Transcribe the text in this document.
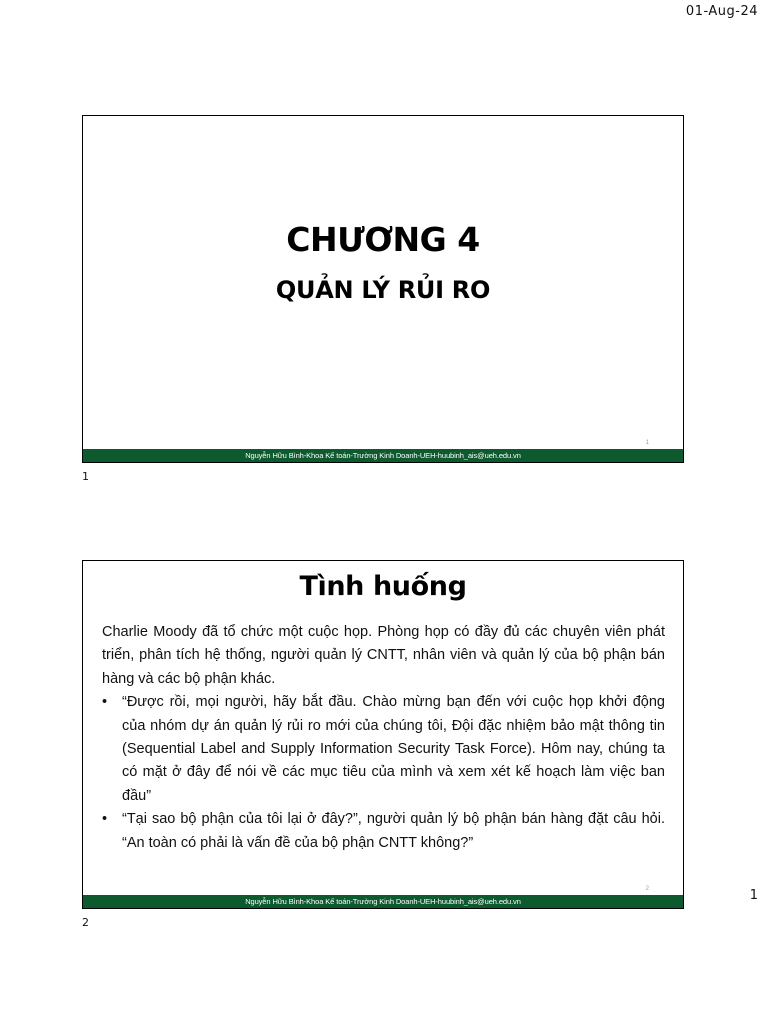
01-Aug-24
CHƯƠNG 4
QUẢN LÝ RỦI RO
1
Nguyễn Hữu Bình-Khoa Kế toán-Trường Kinh Doanh-UEH-huubinh_ais@ueh.edu.vn
1
Tình huống

Charlie Moody đã tổ chức một cuộc họp. Phòng họp có đầy đủ các chuyên viên phát triển, phân tích hệ thống, người quản lý CNTT, nhân viên và quản lý của bộ phận bán hàng và các bộ phận khác.

• “Được rồi, mọi người, hãy bắt đầu. Chào mừng bạn đến với cuộc họp khởi động của nhóm dự án quản lý rủi ro mới của chúng tôi, Đội đặc nhiệm bảo mật thông tin (Sequential Label and Supply Information Security Task Force). Hôm nay, chúng ta có mặt ở đây để nói về các mục tiêu của mình và xem xét kế hoạch làm việc ban đầu”
• “Tại sao bộ phận của tôi lại ở đây?”, người quản lý bộ phận bán hàng đặt câu hỏi. “An toàn có phải là vấn đề của bộ phận CNTT không?”
2
Nguyễn Hữu Bình-Khoa Kế toán-Trường Kinh Doanh-UEH-huubinh_ais@ueh.edu.vn
2
1
